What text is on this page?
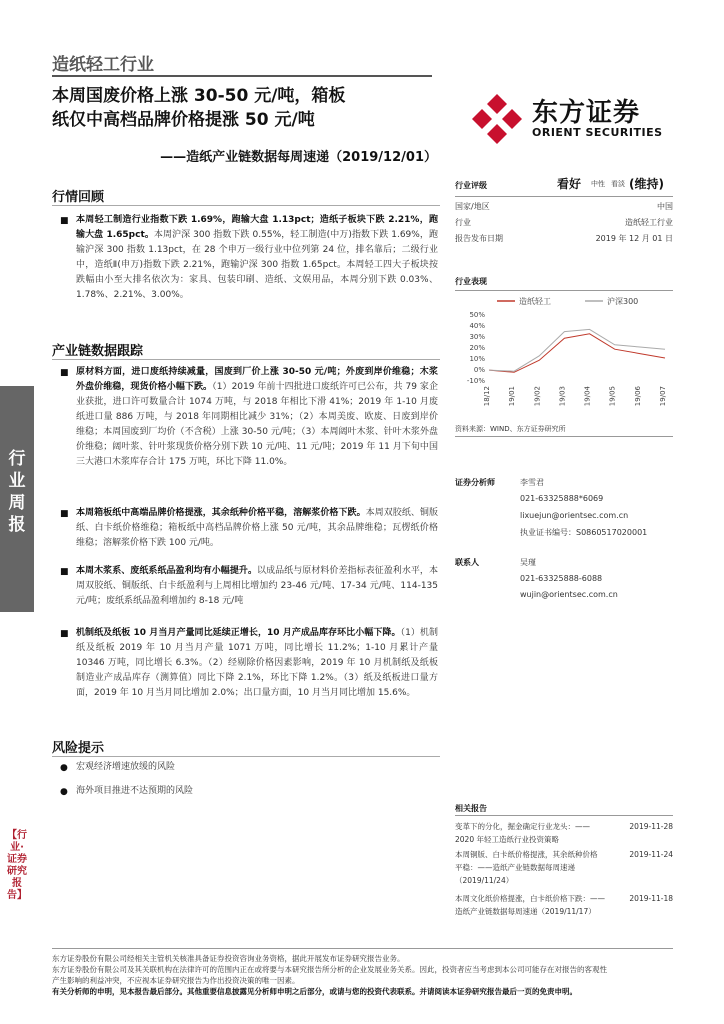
造纸轻工行业
本周国废价格上涨 30-50 元/吨，箱板
纸仅中高档品牌价格提涨 50 元/吨
——造纸产业链数据每周速递（2019/12/01）
东方证券
ORIENT SECURITIES
行业周报
【行业·证券研究报告】
行情回顾
■ 本周轻工制造行业指数下跌 1.69%，跑输大盘 1.13pct；造纸子板块下跌 2.21%，跑输大盘 1.65pct。本周沪深 300 指数下跌 0.55%，轻工制造(中万)指数下跌 1.69%，跑输沪深 300 指数 1.13pct，在 28 个申万一级行业中位列第 24 位，排名靠后；二级行业中，造纸Ⅱ(申万)指数下跌 2.21%，跑输沪深 300 指数 1.65pct。本周轻工四大子板块按跌幅由小至大排名依次为：家具、包装印刷、造纸、文娱用品，本周分别下跌 0.03%、1.78%、2.21%、3.00%。
产业链数据跟踪
■ 原材料方面，进口废纸持续减量，国废到厂价上涨 30-50 元/吨；外废到岸价维稳；木浆外盘价维稳，现货价格小幅下跌。（1）2019 年前十四批进口废纸许可已公布，共 79 家企业获批，进口许可数量合计 1074 万吨，与 2018 年相比下滑 41%；2019 年 1-10 月废纸进口量 886 万吨，与 2018 年同期相比减少 31%；（2）本周美废、欧废、日废到岸价维稳；本周国废到厂均价（不含税）上涨 30-50 元/吨；（3）本周阔叶木浆、针叶木浆外盘价维稳；阔叶浆、针叶浆现货价格分别下跌 10 元/吨、11 元/吨；2019 年 11 月下旬中国三大港口木浆库存合计 175 万吨，环比下降 11.0%。
■ 本周箱板纸中高端品牌价格提涨，其余纸种价格平稳，溶解浆价格下跌。本周双胶纸、铜版纸、白卡纸价格维稳；箱板纸中高档品牌价格上涨 50 元/吨，其余品牌维稳；瓦楞纸价格维稳；溶解浆价格下跌 100 元/吨。
■ 本周木浆系、废纸系纸品盈利均有小幅提升。以成品纸与原材料价差指标表征盈利水平，本周双胶纸、铜版纸、白卡纸盈利与上周相比增加约 23-46 元/吨、17-34 元/吨、114-135 元/吨；废纸系纸品盈利增加约 8-18 元/吨
■ 机制纸及纸板 10 月当月产量同比延续正增长，10 月产成品库存环比小幅下降。（1）机制纸及纸板 2019 年 10 月当月产量 1071 万吨，同比增长 11.2%；1-10 月累计产量 10346 万吨，同比增长 6.3%。（2）经剔除价格因素影响，2019 年 10 月机制纸及纸板制造业产成品库存（测算值）同比下降 2.1%，环比下降 1.2%。（3）纸及纸板进口量方面，2019 年 10 月当月同比增加 2.0%；出口量方面，10 月当月同比增加 15.6%。
风险提示
● 宏观经济增速放缓的风险
● 海外项目推进不达预期的风险
行业评级	看好 中性 看淡 (维持)
国家/地区	中国
行业	造纸轻工行业
报告发布日期	2019 年 12 月 01 日
行业表现
造纸轻工	沪深300
50%
40%
30%
20%
10%
0%
-10%
18/12 19/01 19/02 19/03 19/04 19/05 19/06 19/07
资料来源：WIND、东方证券研究所
证券分析师	李雪君
021-63325888*6069
lixuejun@orientsec.com.cn
执业证书编号：S0860517020001
联系人	吴瑾
021-63325888-6088
wujin@orientsec.com.cn
相关报告
变革下的分化，掘金确定行业龙头：——	2019-11-28
2020 年轻工造纸行业投资策略
本周铜版、白卡纸价格提涨，其余纸种价格	2019-11-24
平稳：——造纸产业链数据每周速递
（2019/11/24）
本周文化纸价格提涨，白卡纸价格下跌：——	2019-11-18
造纸产业链数据每周速递（2019/11/17）
东方证券股份有限公司经相关主管机关核准具备证券投资咨询业务资格，据此开展发布证券研究报告业务。
东方证券股份有限公司及其关联机构在法律许可的范围内正在或将要与本研究报告所分析的企业发展业务关系。因此，投资者应当考虑到本公司可能存在对报告的客观性
产生影响的利益冲突，不应视本证券研究报告为作出投资决策的唯一因素。
有关分析师的申明，见本报告最后部分。其他重要信息披露见分析师申明之后部分，或请与您的投资代表联系。并请阅读本证券研究报告最后一页的免责申明。
